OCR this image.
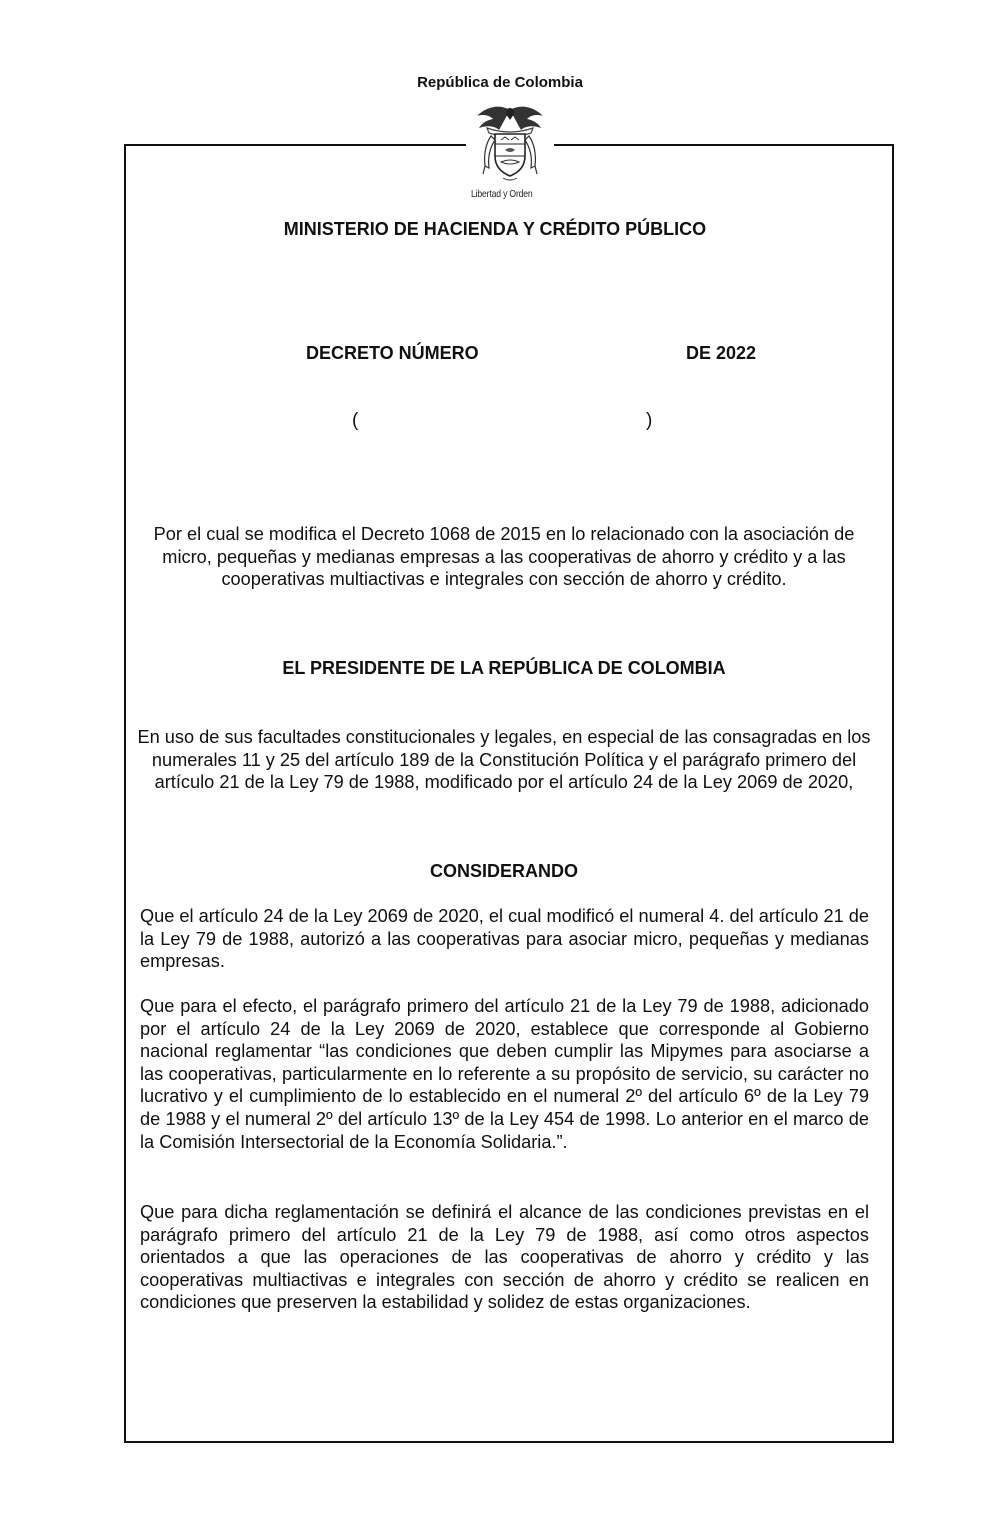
República de Colombia
Libertad y Orden
MINISTERIO DE HACIENDA Y CRÉDITO PÚBLICO
DECRETO NÚMERO	DE 2022
(	)
Por el cual se modifica el Decreto 1068 de 2015 en lo relacionado con la asociación de micro, pequeñas y medianas empresas a las cooperativas de ahorro y crédito y a las cooperativas multiactivas e integrales con sección de ahorro y crédito.
EL PRESIDENTE DE LA REPÚBLICA DE COLOMBIA
En uso de sus facultades constitucionales y legales, en especial de las consagradas en los numerales 11 y 25 del artículo 189 de la Constitución Política y el parágrafo primero del artículo 21 de la Ley 79 de 1988, modificado por el artículo 24 de la Ley 2069 de 2020,
CONSIDERANDO

Que el artículo 24 de la Ley 2069 de 2020, el cual modificó el numeral 4. del artículo 21 de la Ley 79 de 1988, autorizó a las cooperativas para asociar micro, pequeñas y medianas empresas.

Que para el efecto, el parágrafo primero del artículo 21 de la Ley 79 de 1988, adicionado por el artículo 24 de la Ley 2069 de 2020, establece que corresponde al Gobierno nacional reglamentar “las condiciones que deben cumplir las Mipymes para asociarse a las cooperativas, particularmente en lo referente a su propósito de servicio, su carácter no lucrativo y el cumplimiento de lo establecido en el numeral 2º del artículo 6º de la Ley 79 de 1988 y el numeral 2º del artículo 13º de la Ley 454 de 1998. Lo anterior en el marco de la Comisión Intersectorial de la Economía Solidaria.”.

Que para dicha reglamentación se definirá el alcance de las condiciones previstas en el parágrafo primero del artículo 21 de la Ley 79 de 1988, así como otros aspectos orientados a que las operaciones de las cooperativas de ahorro y crédito y las cooperativas multiactivas e integrales con sección de ahorro y crédito se realicen en condiciones que preserven la estabilidad y solidez de estas organizaciones.
